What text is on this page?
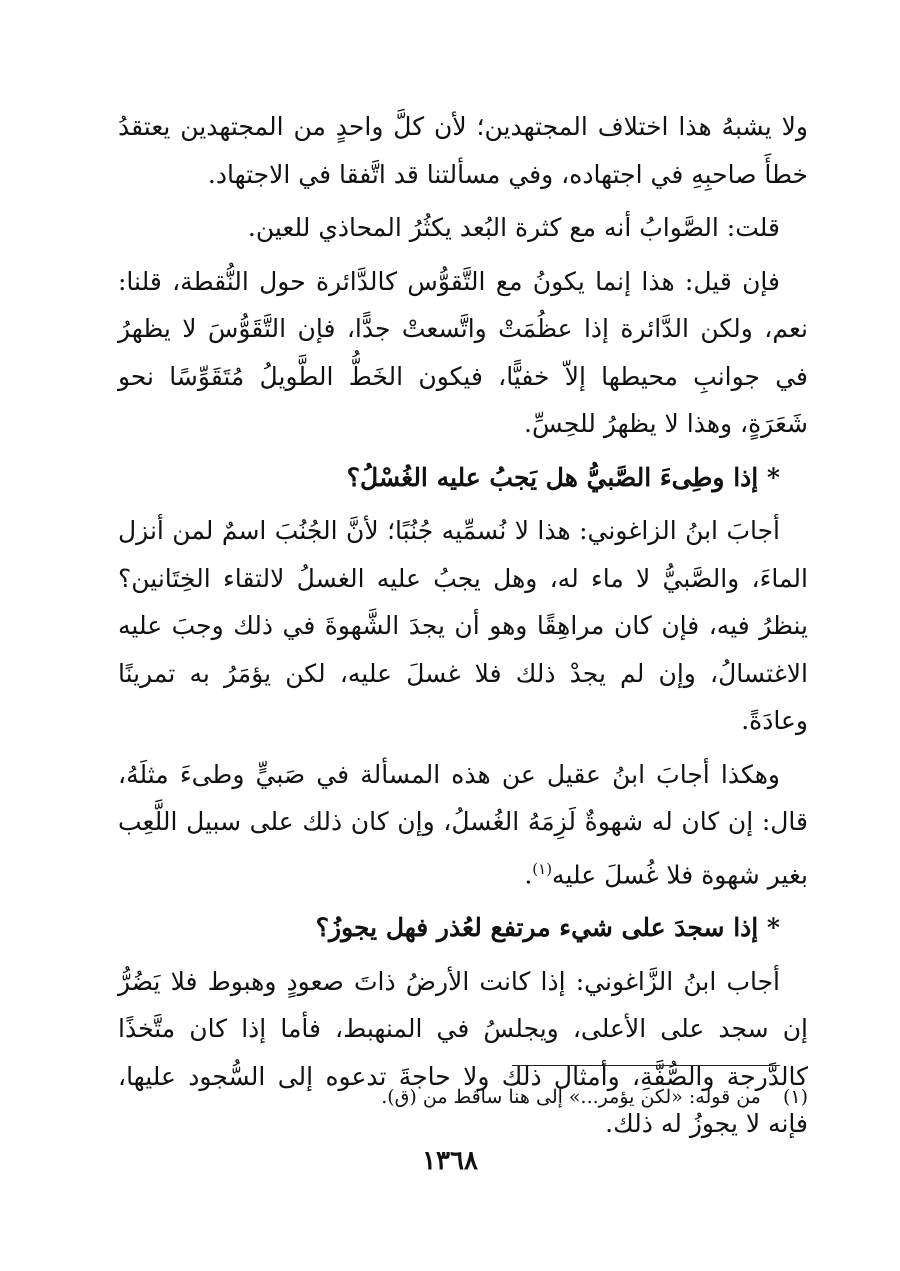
ولا يشبهُ هذا اختلاف المجتهدين؛ لأن كلَّ واحدٍ من المجتهدين يعتقدُ خطأَ صاحبِهِ في اجتهاده، وفي مسألتنا قد اتَّفقا في الاجتهاد.

قلت: الصَّوابُ أنه مع كثرة البُعد يكثُرُ المحاذي للعين.

فإن قيل: هذا إنما يكونُ مع التَّقوُّس كالدَّائرة حول النُّقطة، قلنا: نعم، ولكن الدَّائرة إذا عظُمَتْ واتَّسعتْ جدًّا، فإن التَّقَوُّسَ لا يظهرُ في جوانبِ محيطها إلاّ خفيًّا، فيكون الخَطُّ الطَّويلُ مُتَقَوِّسًا نحو شَعَرَةٍ، وهذا لا يظهرُ للحِسِّ.

* إذا وطِىءَ الصَّبيُّ هل يَجبُ عليه الغُسْلُ؟

أجابَ ابنُ الزاغوني: هذا لا نُسمِّيه جُنُبًا؛ لأنَّ الجُنُبَ اسمٌ لمن أنزل الماءَ، والصَّبيُّ لا ماء له، وهل يجبُ عليه الغسلُ لالتقاء الخِتَانين؟ ينظرُ فيه، فإن كان مراهِقًا وهو أن يجدَ الشَّهوةَ في ذلك وجبَ عليه الاغتسالُ، وإن لم يجدْ ذلك فلا غسلَ عليه، لكن يؤمَرُ به تمرينًا وعادَةً.

وهكذا أجابَ ابنُ عقيل عن هذه المسألة في صَبيٍّ وطىءَ مثلَهُ، قال: إن كان له شهوةٌ لَزِمَهُ الغُسلُ، وإن كان ذلك على سبيل اللَّعِب بغير شهوة فلا غُسلَ عليه$^{(١)}$.

* إذا سجدَ على شيء مرتفع لعُذر فهل يجوزُ؟

أجاب ابنُ الزَّاغوني: إذا كانت الأرضُ ذاتَ صعودٍ وهبوط فلا يَضُرُّ إن سجد على الأعلى، ويجلسُ في المنهبط، فأما إذا كان متَّخذًا كالدَّرجة والصُّفَّةِ، وأمثال ذلك ولا حاجةَ تدعوه إلى السُّجود عليها، فإنه لا يجوزُ له ذلك.

(١)  من قوله: «لكن يؤمر...» إلى هنا ساقط من (ق).
١٣٦٨
